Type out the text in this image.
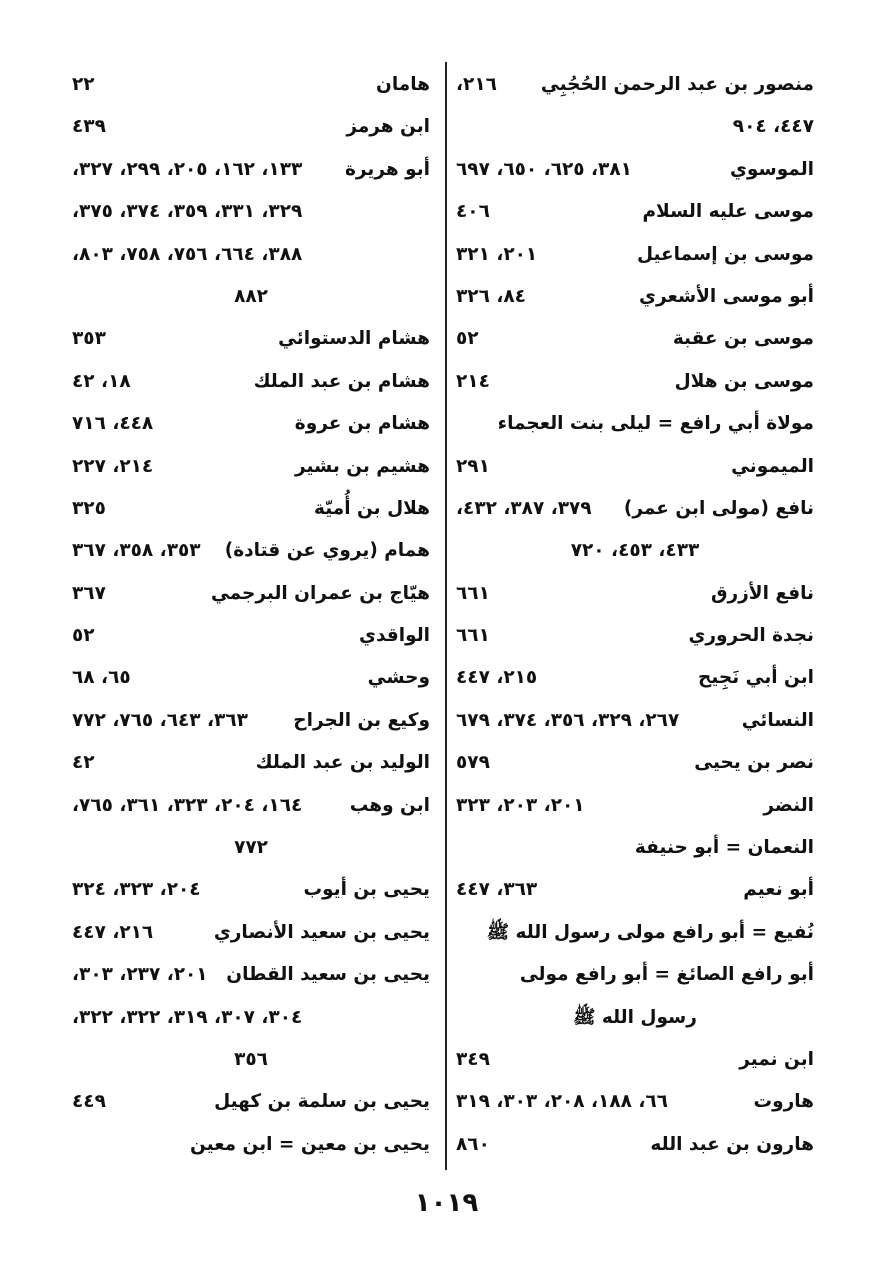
منصور بن عبد الرحمن الحُجُبِي
٢١٦،
٤٤٧، ٩٠٤
الموسوي
٣٨١، ٦٢٥، ٦٥٠، ٦٩٧
موسى عليه السلام
٤٠٦
موسى بن إسماعيل
٢٠١، ٣٢١
أبو موسى الأشعري
٨٤، ٣٢٦
موسى بن عقبة
٥٢
موسى بن هلال
٢١٤
مولاة أبي رافع = ليلى بنت العجماء
الميموني
٢٩١
نافع (مولى ابن عمر)
٣٧٩، ٣٨٧، ٤٣٢،
٤٣٣، ٤٥٣، ٧٢٠
نافع الأزرق
٦٦١
نجدة الحروري
٦٦١
ابن أبي نَجِيح
٢١٥، ٤٤٧
النسائي
٢٦٧، ٣٢٩، ٣٥٦، ٣٧٤، ٦٧٩
نصر بن يحيى
٥٧٩
النضر
٢٠١، ٢٠٣، ٣٢٣
النعمان = أبو حنيفة
أبو نعيم
٣٦٣، ٤٤٧
نُفيع = أبو رافع مولى رسول الله ﷺ
أبو رافع الصائغ = أبو رافع مولى
رسول الله ﷺ
ابن نمير
٣٤٩
هاروت
٦٦، ١٨٨، ٢٠٨، ٣٠٣، ٣١٩
هارون بن عبد الله
٨٦٠
هامان
٢٢
ابن هرمز
٤٣٩
أبو هريرة
١٣٣، ١٦٢، ٢٠٥، ٢٩٩، ٣٢٧،
٣٢٩، ٣٣١، ٣٥٩، ٣٧٤، ٣٧٥،
٣٨٨، ٦٦٤، ٧٥٦، ٧٥٨، ٨٠٣،
٨٨٢
هشام الدستوائي
٣٥٣
هشام بن عبد الملك
١٨، ٤٢
هشام بن عروة
٤٤٨، ٧١٦
هشيم بن بشير
٢١٤، ٢٢٧
هلال بن أُميّة
٣٢٥
همام (يروي عن قتادة)
٣٥٣، ٣٥٨، ٣٦٧
هيّاج بن عمران البرجمي
٣٦٧
الواقدي
٥٢
وحشي
٦٥، ٦٨
وكيع بن الجراح
٣٦٣، ٦٤٣، ٧٦٥، ٧٧٢
الوليد بن عبد الملك
٤٢
ابن وهب
١٦٤، ٢٠٤، ٣٢٣، ٣٦١، ٧٦٥،
٧٧٢
يحيى بن أيوب
٢٠٤، ٣٢٣، ٣٢٤
يحيى بن سعيد الأنصاري
٢١٦، ٤٤٧
يحيى بن سعيد القطان
٢٠١، ٢٣٧، ٣٠٣،
٣٠٤، ٣٠٧، ٣١٩، ٣٢٢، ٣٢٢،
٣٥٦
يحيى بن سلمة بن كهيل
٤٤٩
يحيى بن معين = ابن معين
١٠١٩
